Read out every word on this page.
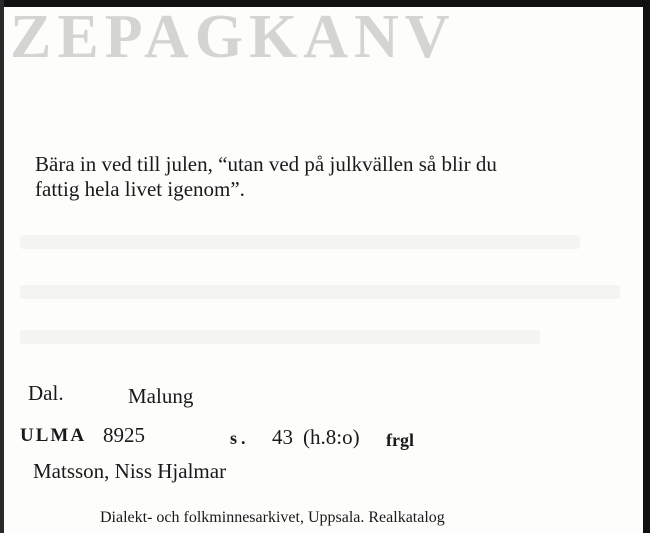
ZEPAGKANV
Bära in ved till julen, “utan ved på julkvällen så blir du
fattig hela livet igenom”.
Dal.	Malung
ULMA 8925	s. 43 (h.8:o) frgl
Matsson, Niss Hjalmar
Dialekt- och folkminnesarkivet, Uppsala. Realkatalog
